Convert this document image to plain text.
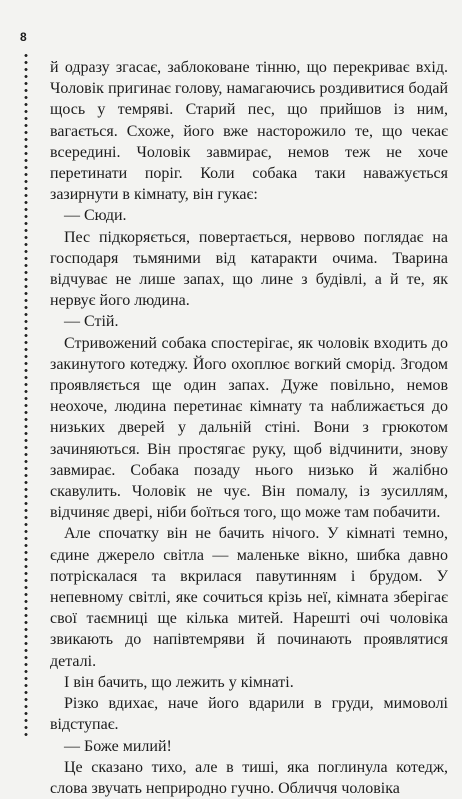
8

й одразу згасає, заблоковане тінню, що перекриває вхід. Чоловік пригинає голову, намагаючись роздивитися бодай щось у темряві. Старий пес, що прийшов із ним, вагається. Схоже, його вже насторожило те, що чекає всередині. Чоловік завмирає, немов теж не хоче перетинати поріг. Коли собака таки наважується зазирнути в кімнату, він гукає:

— Сюди.

Пес підкоряється, повертається, нервово поглядає на господаря тьмяними від катаракти очима. Тварина відчуває не лише запах, що лине з будівлі, а й те, як нервує його людина.

— Стій.

Стривожений собака спостерігає, як чоловік входить до закинутого котеджу. Його охоплює вогкий сморід. Згодом проявляється ще один запах. Дуже повільно, немов неохоче, людина перетинає кімнату та наближається до низьких дверей у дальній стіні. Вони з грюкотом зачиняються. Він простягає руку, щоб відчинити, знову завмирає. Собака позаду нього низько й жалібно скавулить. Чоловік не чує. Він помалу, із зусиллям, відчиняє двері, ніби боїться того, що може там побачити.

Але спочатку він не бачить нічого. У кімнаті темно, єдине джерело світла — маленьке вікно, шибка давно потріскалася та вкрилася павутинням і брудом. У непевному світлі, яке сочиться крізь неї, кімната зберігає свої таємниці ще кілька митей. Нарешті очі чоловіка звикають до напівтемряви й починають проявлятися деталі.

І він бачить, що лежить у кімнаті.

Різко вдихає, наче його вдарили в груди, мимоволі відступає.

— Боже милий!

Це сказано тихо, але в тиші, яка поглинула котедж, слова звучать неприродно гучно. Обличчя чоловіка
